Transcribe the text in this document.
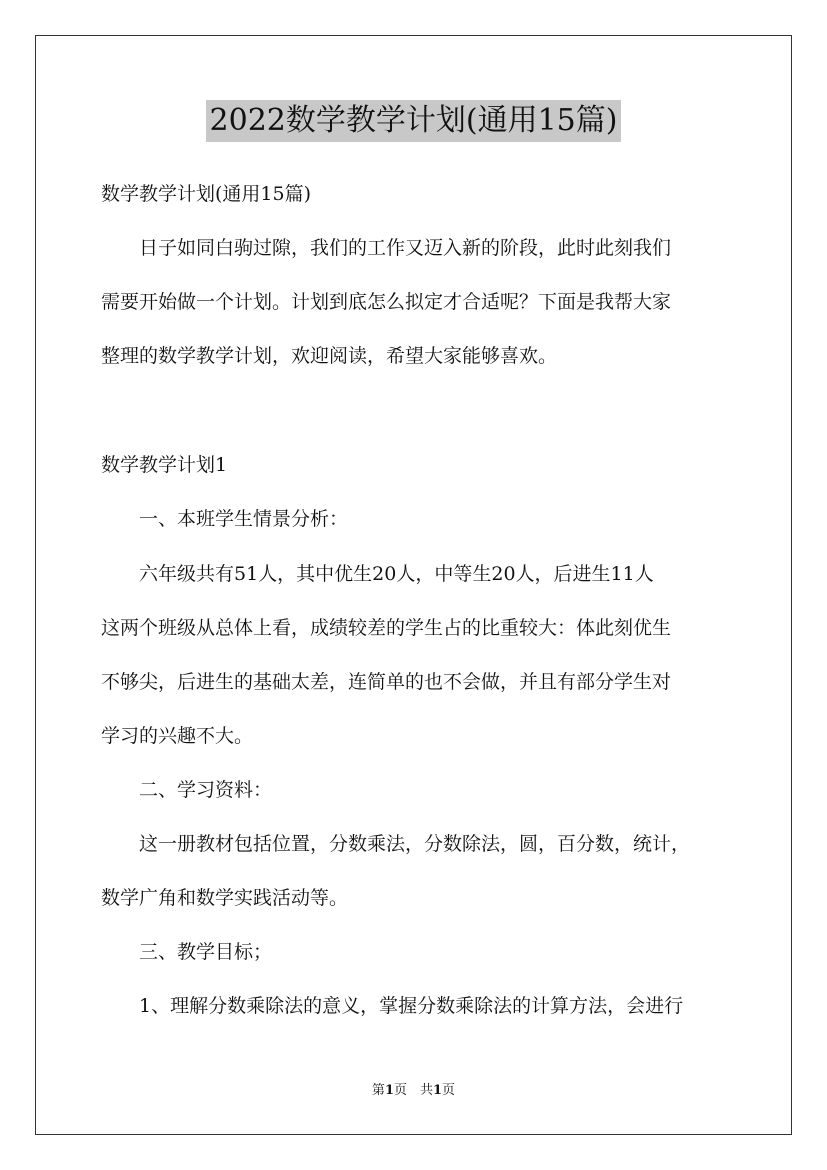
2022数学教学计划(通用15篇)
数学教学计划(通用15篇)
　　日子如同白驹过隙，我们的工作又迈入新的阶段，此时此刻我们
需要开始做一个计划。计划到底怎么拟定才合适呢？下面是我帮大家
整理的数学教学计划，欢迎阅读，希望大家能够喜欢。
数学教学计划1
　　一、本班学生情景分析：
　　六年级共有51人，其中优生20人，中等生20人，后进生11人
这两个班级从总体上看，成绩较差的学生占的比重较大：体此刻优生
不够尖，后进生的基础太差，连简单的也不会做，并且有部分学生对
学习的兴趣不大。
　　二、学习资料：
　　这一册教材包括位置，分数乘法，分数除法，圆，百分数，统计，
数学广角和数学实践活动等。
　　三、教学目标；
　　1、理解分数乘除法的意义，掌握分数乘除法的计算方法，会进行
第1页　共1页
